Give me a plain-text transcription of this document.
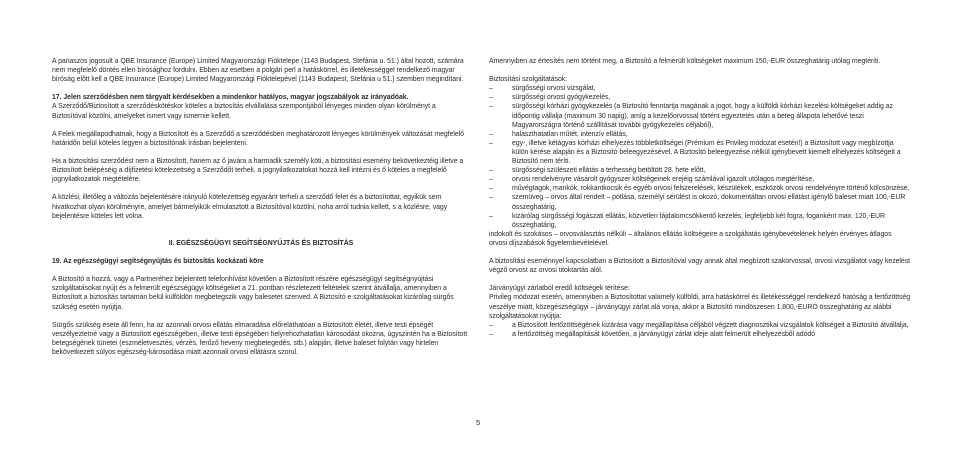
A panaszos jogosult a QBE Insurance (Europe) Limited Magyarországi Fióktelepe (1143 Budapest, Stefánia u. 51.) által hozott, számára nem megfelelő döntés ellen bírósághoz fordulni. Ebben az esetben a polgári perl a hatáskörrel, és illetékességgel rendelkező magyar bíróság előtt kell a QBE Insurance (Europe) Limited Magyarországi Fióktelepével (1143 Budapest, Stefánia u 51.) szemben megindítani.

17. Jelen szerződésben nem tárgyalt kérdésekben a mindenkor hatályos, magyar jogszabályok az irányadóak.

A Szerződő/Biztosított a szerződéskötéskor köteles a biztosítás elvállalása szempontjából lényeges minden olyan körülményt a Biztosítóval közölni, amelyeket ismert vagy ismernie kellett.

A Felek megállapodhatnak, hogy a Biztosított és a Szerződő a szerződésben meghatározott lényeges körülmények változását megfelelő határidőn belül köteles legyen a biztosítónak írásban bejelenteni.

Ha a biztosítási szerződést nem a Biztosított, hanem az ő javára a harmadik személy köti, a biztosítási esemény bekövetkeztéig illetve a Biztosított belépéséig a díjfizetési kötelezettség a Szerződőt terheli, a jognyilatkozatokat hozzá kell intézni és ő köteles a megfelelő jognyilatkozatok megtételére.

A közlési, illetőleg a változás bejelentésére irányuló kötelezettség egyaránt terheli a szerződő felet és a biztosítottat, egyikük sem hivatkozhat olyan körülményre, amelyet bármelyikük elmulasztott a Biztosítóval közölni, noha arról tudnia kellett, s a közlésre, vagy bejelentésre köteles lett volna.

II. EGÉSZSÉGÜGYI SEGÍTSÉGNYÚJTÁS ÉS BIZTOSÍTÁS

19. Az egészségügyi segítségnyújtás és biztosítás kockázati köre

A Biztosító a hozzá, vagy a Partneréhez bejelentett telefonhívást követően a Biztosított részére egészségügyi segítségnyújtási szolgáltatásokat nyújt és a felmerült egészségügyi költségeket a 21. pontban részletezett feltételek szerint átvállalja, amennyiben a Biztosított a biztosítás tartamán belül külföldön megbetegszik vagy balesetet szenved. A Biztosító e szolgáltatásokat kizárólag sürgős szükség esetén nyújtja.

Sürgős szükség esete áll fenn, ha az azonnali orvosi ellátás elmaradása előreláthatóan a Biztosított életét, illetve testi épségét veszélyeztetné vagy a Biztosított egészségében, illetve testi épségében helyrehozhatatlan károsodást okozna, úgyszintén ha a Biztosított betegségének tünetei (eszméletvesztés, vérzés, ferőző heveny megbetegedés, stb.) alapján, illetve baleset folytán vagy hirtelen bekövetkezett súlyos egészség-károsodása miatt azonnali orvosi ellátásra szorul.

Amennyiben az értesítés nem történt meg, a Biztosító a felmerült költségeket maximum 150,-EUR összeghatárig utólag megtéríti.

Biztosítási szolgáltatások:

– sürgősségi orvosi vizsgálat,
– sürgősségi orvosi gyógykezelés,
– sürgősségi kórházi gyógykezelés (a Biztosító fenntartja magának a jogot, hogy a külföldi kórházi kezelési költségeket addig az időpontig vállalja (maximum 30 napig), amíg a kezelőorvossal történt egyeztetés után a beteg állapota lehetővé teszi Magyarországra történő szállítását további gyógykezelés céljából),
– halaszthatatlan műtét, intenzív ellátás,
– egy-, illetve kétágyas kórházi elhelyezés többletköltségei (Prémium és Privileg módozat esetén!) a Biztosított vagy megbízottja külön kérése alapján és a Biztosító beleegyezésével. A Biztosító beleegyezése nélkül igénybevett kiemelt elhelyezés költségeit a Biztosító nem téríti.
– sürgősségi szülészeti ellátás a terhesség betöltött 28. hete előtt,
– orvosi rendelvényre vásárolt gyógyszer költségeinek erejéig számlával igazolt utólagos megtérítése,
– művégtagok, mankók, rokkantkocsik és egyéb orvosi felszerelések, készülékek, eszközök orvosi rendelvényre történő kölcsönzése,
– szemüveg – orvos által rendelt – pótlása, személyi sérülést is okozó, dokumentáltan orvosi ellátást igénylő baleset miatt 100,-EUR összeghatárig,
– kizárólag sürgősségi fogászati ellátás, közvetlen fájdalomcsökkentő kezelés, legfeljebb két fogra, foganként max. 120,-EUR összeghatárig,

indokolt és szokásos – orvosválasztás nélküli – általános ellátás költségeire a szolgáltatás igénybevételének helyén érvényes átlagos orvosi díjszabások figyelembevételével.

A biztosítási eseménnyel kapcsolatban a Biztosított a Biztosítóval vagy annak által megbízott szakorvossal, orvosi vizsgálatot vagy kezelést végző orvost az orvosi titoktartás alól.

Járványügyi zárlatból eredő költségek térítése:

Privileg módozat esetén, amennyiben a Biztosítottat valamely külföldi, arra hatáskörrel és illetékességgel rendelkező hatóság a fertőzöttség veszélye miatt, közegészségügyi – járványügyi zárlat alá vonja, akkor a Biztosító mindöszesen 1.800,-EURÓ összeghatárig az alábbi szolgáltatásokat nyújtja:

– a Biztosított fertőzöttségének kizárása vagy megállapítása céljából végzett diagnosztikai vizsgálatok költségeit a Biztosító átvállalja,
– a fertőzöttség megállapítását követően, a járványügyi zárlat ideje alatt felmerült elhelyezésből adódó
5
